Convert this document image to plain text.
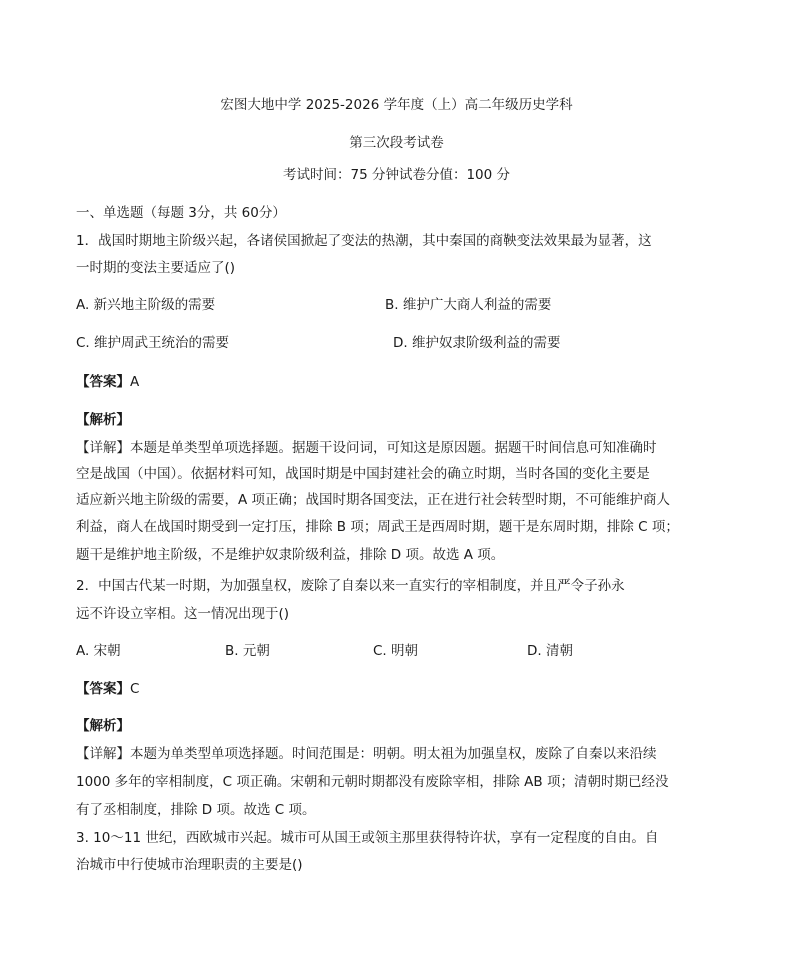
宏图大地中学 2025-2026 学年度（上）高二年级历史学科
第三次段考试卷
考试时间：75 分钟试卷分值：100 分
一、单选题（每题 3分，共 60分）
1．战国时期地主阶级兴起，各诸侯国掀起了变法的热潮，其中秦国的商鞅变法效果最为显著，这
一时期的变法主要适应了()
A. 新兴地主阶级的需要	B. 维护广大商人利益的需要
C. 维护周武王统治的需要	D. 维护奴隶阶级利益的需要
【答案】A
【解析】
【详解】本题是单类型单项选择题。据题干设问词，可知这是原因题。据题干时间信息可知准确时
空是战国（中国）。依据材料可知，战国时期是中国封建社会的确立时期，当时各国的变化主要是
适应新兴地主阶级的需要，A 项正确；战国时期各国变法，正在进行社会转型时期，不可能维护商人
利益，商人在战国时期受到一定打压，排除 B 项；周武王是西周时期，题干是东周时期，排除 C 项；
题干是维护地主阶级，不是维护奴隶阶级利益，排除 D 项。故选 A 项。
2．中国古代某一时期，为加强皇权，废除了自秦以来一直实行的宰相制度，并且严令子孙永
远不许设立宰相。这一情况出现于()
A. 宋朝	B. 元朝	C. 明朝	D. 清朝
【答案】C
【解析】
【详解】本题为单类型单项选择题。时间范围是：明朝。明太祖为加强皇权，废除了自秦以来沿续
1000 多年的宰相制度，C 项正确。宋朝和元朝时期都没有废除宰相，排除 AB 项；清朝时期已经没
有了丞相制度，排除 D 项。故选 C 项。
3. 10～11 世纪，西欧城市兴起。城市可从国王或领主那里获得特许状，享有一定程度的自由。自
治城市中行使城市治理职责的主要是()
